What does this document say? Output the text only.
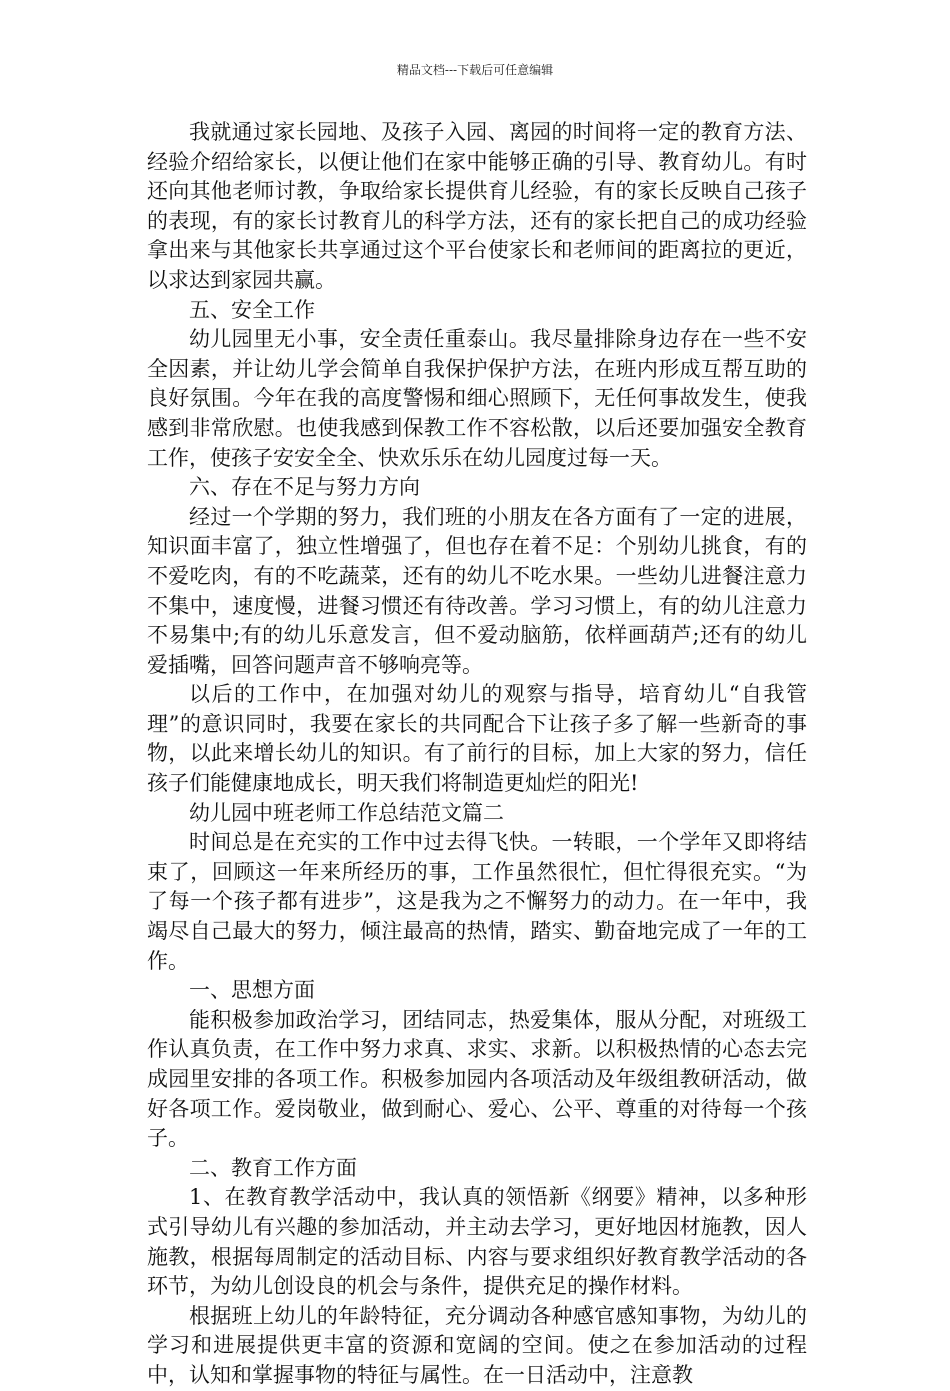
精品文档---下载后可任意编辑

我就通过家长园地、及孩子入园、离园的时间将一定的教育方法、经验介绍给家长，以便让他们在家中能够正确的引导、教育幼儿。有时还向其他老师讨教，争取给家长提供育儿经验，有的家长反映自己孩子的表现，有的家长讨教育儿的科学方法，还有的家长把自己的成功经验拿出来与其他家长共享通过这个平台使家长和老师间的距离拉的更近，以求达到家园共赢。

五、安全工作

幼儿园里无小事，安全责任重泰山。我尽量排除身边存在一些不安全因素，并让幼儿学会简单自我保护保护方法，在班内形成互帮互助的良好氛围。今年在我的高度警惕和细心照顾下，无任何事故发生，使我感到非常欣慰。也使我感到保教工作不容松散，以后还要加强安全教育工作，使孩子安安全全、快欢乐乐在幼儿园度过每一天。

六、存在不足与努力方向

经过一个学期的努力，我们班的小朋友在各方面有了一定的进展，知识面丰富了，独立性增强了，但也存在着不足：个别幼儿挑食，有的不爱吃肉，有的不吃蔬菜，还有的幼儿不吃水果。一些幼儿进餐注意力不集中，速度慢，进餐习惯还有待改善。学习习惯上，有的幼儿注意力不易集中;有的幼儿乐意发言，但不爱动脑筋，依样画葫芦;还有的幼儿爱插嘴，回答问题声音不够响亮等。

以后的工作中，在加强对幼儿的观察与指导，培育幼儿“自我管理”的意识同时，我要在家长的共同配合下让孩子多了解一些新奇的事物，以此来增长幼儿的知识。有了前行的目标，加上大家的努力，信任孩子们能健康地成长，明天我们将制造更灿烂的阳光!

幼儿园中班老师工作总结范文篇二

时间总是在充实的工作中过去得飞快。一转眼，一个学年又即将结束了，回顾这一年来所经历的事，工作虽然很忙，但忙得很充实。“为了每一个孩子都有进步”，这是我为之不懈努力的动力。在一年中，我竭尽自己最大的努力，倾注最高的热情，踏实、勤奋地完成了一年的工作。

一、思想方面

能积极参加政治学习，团结同志，热爱集体，服从分配，对班级工作认真负责，在工作中努力求真、求实、求新。以积极热情的心态去完成园里安排的各项工作。积极参加园内各项活动及年级组教研活动，做好各项工作。爱岗敬业，做到耐心、爱心、公平、尊重的对待每一个孩子。

二、教育工作方面

1、在教育教学活动中，我认真的领悟新《纲要》精神，以多种形式引导幼儿有兴趣的参加活动，并主动去学习，更好地因材施教，因人施教，根据每周制定的活动目标、内容与要求组织好教育教学活动的各环节，为幼儿创设良的机会与条件，提供充足的操作材料。

根据班上幼儿的年龄特征，充分调动各种感官感知事物，为幼儿的学习和进展提供更丰富的资源和宽阔的空间。使之在参加活动的过程中，认知和掌握事物的特征与属性。在一日活动中，注意教
